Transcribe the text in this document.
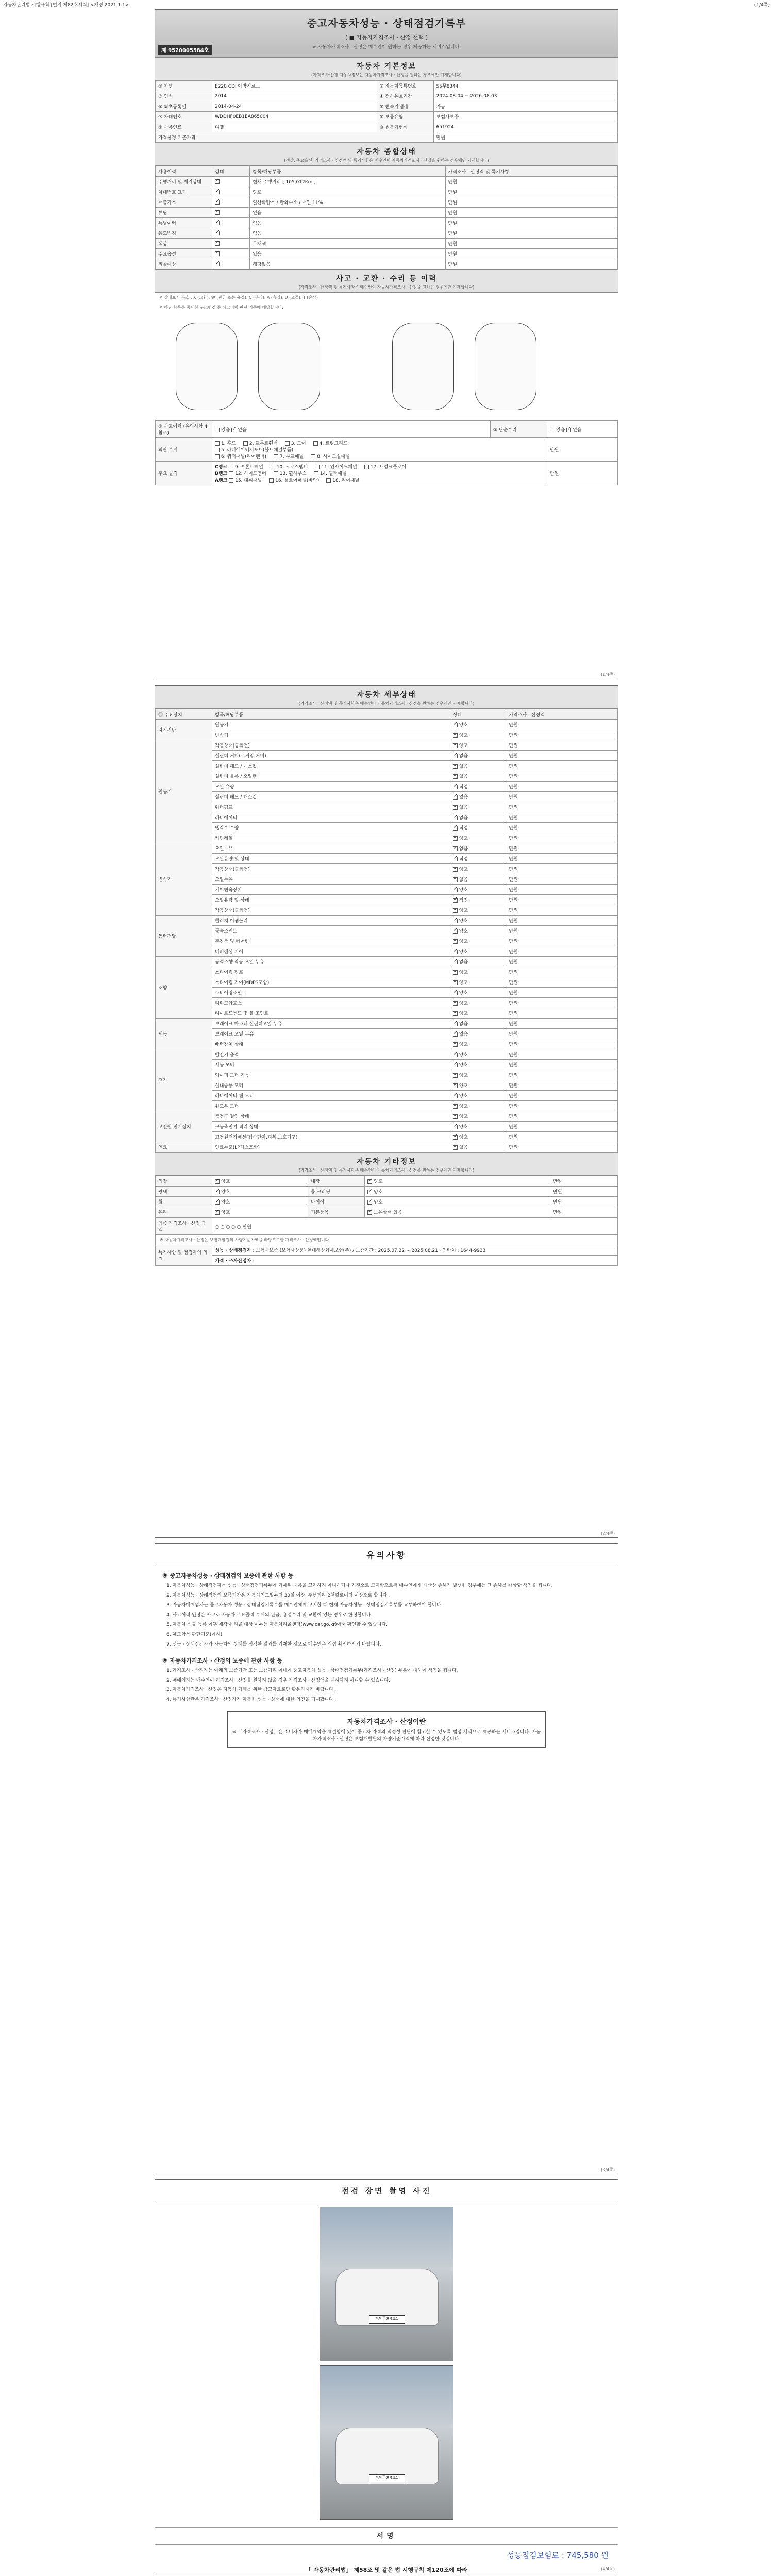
자동차관리법 시행규칙 [별지 제82호서식] <개정 2021.1.1>	(1/4쪽)
중고자동차성능 · 상태점검기록부
( ■ 자동차가격조사 · 산정 선택 )
※ 자동차가격조사 · 산정은 매수인이 원하는 경우 제공하는 서비스입니다.
제 9520005584호
자동차 기본정보
(가격조사·산정 자동차정보는 자동차가격조사 · 산정을 원하는 경우에만 기재합니다)
① 차명	E220 CDI 아방가르드	② 자동차등록번호	55무8344
③ 연식	2014	④ 검사유효기간	2024-08-04 ~ 2026-08-03
⑤ 최초등록일	2014-04-24	⑥ 변속기 종류	자동
⑦ 차대번호	WDDHF0EB1EA865004	⑧ 보증유형	보험사보증
⑨ 사용연료	디젤	⑩ 원동기형식	651924
가격산정 기준가격			만원
자동차 종합상태
(색상, 주요옵션, 가격조사 · 산정액 및 특기사항은 매수인이 자동차가격조사 · 산정을 원하는 경우에만 기재합니다)
사용이력	상태	항목/해당부품	가격조사 · 산정액 및 특기사항
주행거리 및 계기상태	✓	현재 주행거리 [ 105,012Km ]	만원
차대번호 표기	✓	양호	만원
배출가스	✓	일산화탄소 / 탄화수소 / 매연 11%	만원
튜닝	✓	없음	만원
특별이력	✓	없음	만원
용도변경	✓	없음	만원
색상	✓	무채색	만원
주요옵션	✓	있음	만원
리콜대상	✓	해당없음	만원
사고 · 교환 · 수리 등 이력
(가격조사 · 산정액 및 특기사항은 매수인이 자동차가격조사 · 산정을 원하는 경우에만 기재합니다)
※ 상태표시 부호 : X (교환), W (판금 또는 용접), C (부식), A (흠집), U (요철), T (손상)
※ 하단 항목은 중대한 구조변경 등 사고이력 판단 기준에 해당합니다.
① 사고이력 (유의사항 4 참조)	있음 ✓없음	② 단순수리	있음 ✓없음
외판 부위	1. 후드 2. 프론트휀더 3. 도어 4. 트렁크리드
5. 라디에이터서포트(볼트체결부품)
6. 쿼터패널(리어펜더) 7. 루프패널 8. 사이드실패널		만원
주요 골격	C랭크 9. 프론트패널 10. 크로스멤버 11. 인사이드패널 17. 트렁크플로어
B랭크 12. 사이드멤버 13. 휠하우스 14. 필러패널
A랭크 15. 대쉬패널 16. 플로어패널(바닥) 18. 리어패널		만원
(1/4쪽)
자동차 세부상태
(가격조사 · 산정액 및 특기사항은 매수인이 자동차가격조사 · 산정을 원하는 경우에만 기재합니다)
⑪ 주요장치	항목/해당부품	상태	가격조사 · 산정액
자기진단	원동기	✓양호	만원
	변속기	✓양호	만원
원동기	작동상태(공회전)	✓양호	만원
	실린더 커버(로커암 커버)	✓없음	만원
	실린더 헤드 / 개스킷	✓없음	만원
	실린더 블록 / 오일팬	✓없음	만원
	오일 유량	✓적정	만원
	실린더 헤드 / 개스킷	✓없음	만원
	워터펌프	✓없음	만원
	라디에이터	✓없음	만원
	냉각수 수량	✓적정	만원
	커먼레일	✓양호	만원
변속기	오일누유	✓없음	만원
	오일유량 및 상태	✓적정	만원
	작동상태(공회전)	✓양호	만원
	오일누유	✓없음	만원
	기어변속장치	✓양호	만원
	오일유량 및 상태	✓적정	만원
	작동상태(공회전)	✓양호	만원
동력전달	클러치 어셈블리	✓양호	만원
	등속조인트	✓양호	만원
	추진축 및 베어링	✓양호	만원
	디퍼렌셜 기어	✓양호	만원
조향	동력조향 작동 오일 누유	✓없음	만원
	스티어링 펌프	✓양호	만원
	스티어링 기어(MDPS포함)	✓양호	만원
	스티어링조인트	✓양호	만원
	파워고압호스	✓양호	만원
	타이로드엔드 및 볼 조인트	✓양호	만원
제동	브레이크 마스터 실린더오일 누유	✓없음	만원
	브레이크 오일 누유	✓없음	만원
	배력장치 상태	✓양호	만원
전기	발전기 출력	✓양호	만원
	시동 모터	✓양호	만원
	와이퍼 모터 기능	✓양호	만원
	실내송풍 모터	✓양호	만원
	라디에이터 팬 모터	✓양호	만원
	윈도우 모터	✓양호	만원
고전원 전기장치	충전구 절연 상태	✓양호	만원
	구동축전지 격리 상태	✓양호	만원
	고전원전기배선(접속단자,피복,보호기구)	✓양호	만원
연료	연료누출(LP가스포함)	✓없음	만원
자동차 기타정보
(가격조사 · 산정액 및 특기사항은 매수인이 자동차가격조사 · 산정을 원하는 경우에만 기재합니다)
외장	✓양호	내장	✓양호	만원
광택	✓양호	룸 크리닝	✓양호	만원
휠	✓양호	타이어	✓양호	만원
유리	✓양호	기본품목	✓보유상태 있음	만원
최종 가격조사 · 산정 금액	○ ○ ○ ○ ○ 만원
※ 자동차가격조사 · 산정은 보험개발원의 차량기준가액을 바탕으로한 가격조사 · 산정액입니다.	
특기사항 및 점검자의 의견	성능 · 상태점검자 : 보험사보증 (보험사상품) 현대해상화재보험(주) / 보증기간 : 2025.07.22 ~ 2025.08.21 · 연락처 : 1644-9933
	가격 · 조사산정자 :
(2/4쪽)
유의사항
※ 중고자동차성능 · 상태점검의 보증에 관한 사항 등
1. 자동차성능 · 상태점검자는 성능 · 상태점검기록부에 기재된 내용을 고지하지 아니하거나 거짓으로 고지함으로써 매수인에게 재산상 손해가 발생한 경우에는 그 손해를 배상할 책임을 집니다.
2. 자동차성능 · 상태점검의 보증기간은 자동차인도일부터 30일 이상, 주행거리 2천킬로미터 이상으로 합니다.
3. 자동차매매업자는 중고자동차 성능 · 상태점검기록부를 매수인에게 고지할 때 현재 자동차성능 · 상태점검기록부를 교부하여야 합니다.
4. 사고이력 인정은 사고로 자동차 주요골격 부위의 판금, 용접수리 및 교환이 있는 경우로 한정합니다.
5. 자동차 신규 등록 이후 제작사 리콜 대상 여부는 자동차리콜센터(www.car.go.kr)에서 확인할 수 있습니다.
6. 체크항목 판단기준(예시)
7. 성능 · 상태점검자가 자동차의 상태를 점검한 결과를 기재한 것으로 매수인은 직접 확인하시기 바랍니다.
※ 자동차가격조사 · 산정의 보증에 관한 사항 등
1. 가격조사 · 산정자는 아래의 보증기간 또는 보증거리 이내에 중고자동차 성능 · 상태점검기록부(가격조사 · 산정) 부분에 대하여 책임을 집니다.
2. 매매업자는 매수인이 가격조사 · 산정을 원하지 않을 경우 가격조사 · 산정액을 제시하지 아니할 수 있습니다.
3. 자동차가격조사 · 산정은 자동차 거래를 위한 참고자료로만 활용하시기 바랍니다.
4. 특기사항란은 가격조사 · 산정자가 자동차 성능 · 상태에 대한 의견을 기재합니다.
자동차가격조사 · 산정이란
※ 「가격조사 · 산정」은 소비자가 매매계약을 체결함에 있어 중고차 가격의 적정성 판단에 참고할 수 있도록 법정 서식으로 제공하는 서비스입니다. 자동차가격조사 · 산정은 보험개발원의 차량기준가액에 따라 산정한 것입니다.
(3/4쪽)
점검 장면 촬영 사진
55무8344
55무8344
서명
성능점검보험료 : 745,580 원
「 자동차관리법」 제58조 및 같은 법 시행규칙 제120조에 따라	(4/4쪽)
